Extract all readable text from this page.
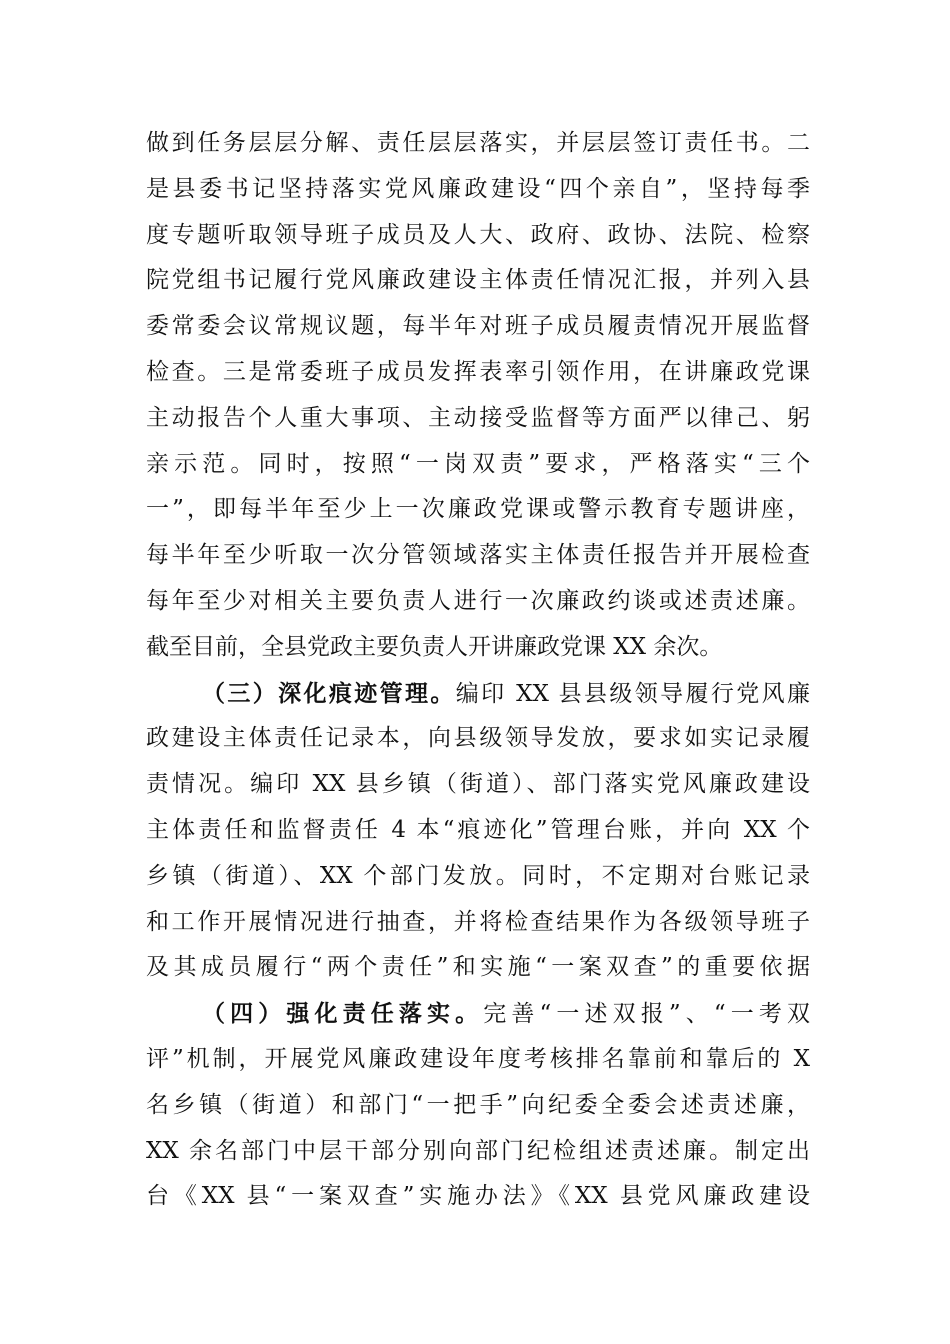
做到任务层层分解、责任层层落实，并层层签订责任书。二
是县委书记坚持落实党风廉政建设“四个亲自”，坚持每季
度专题听取领导班子成员及人大、政府、政协、法院、检察
院党组书记履行党风廉政建设主体责任情况汇报，并列入县
委常委会议常规议题，每半年对班子成员履责情况开展监督
检查。三是常委班子成员发挥表率引领作用，在讲廉政党课
主动报告个人重大事项、主动接受监督等方面严以律己、躬
亲示范。同时，按照“一岗双责”要求，严格落实“三个
一”，即每半年至少上一次廉政党课或警示教育专题讲座，
每半年至少听取一次分管领域落实主体责任报告并开展检查
每年至少对相关主要负责人进行一次廉政约谈或述责述廉。
截至目前，全县党政主要负责人开讲廉政党课 XX 余次。
（三）深化痕迹管理。编印 XX 县县级领导履行党风廉
政建设主体责任记录本，向县级领导发放，要求如实记录履
责情况。编印 XX 县乡镇（街道）、部门落实党风廉政建设
主体责任和监督责任 4 本“痕迹化”管理台账，并向 XX 个
乡镇（街道）、XX 个部门发放。同时，不定期对台账记录
和工作开展情况进行抽查，并将检查结果作为各级领导班子
及其成员履行“两个责任”和实施“一案双查”的重要依据
（四）强化责任落实。完善“一述双报”、“一考双
评”机制，开展党风廉政建设年度考核排名靠前和靠后的 X
名乡镇（街道）和部门“一把手”向纪委全委会述责述廉，
XX 余名部门中层干部分别向部门纪检组述责述廉。制定出
台《XX 县“一案双查”实施办法》《XX 县党风廉政建设
